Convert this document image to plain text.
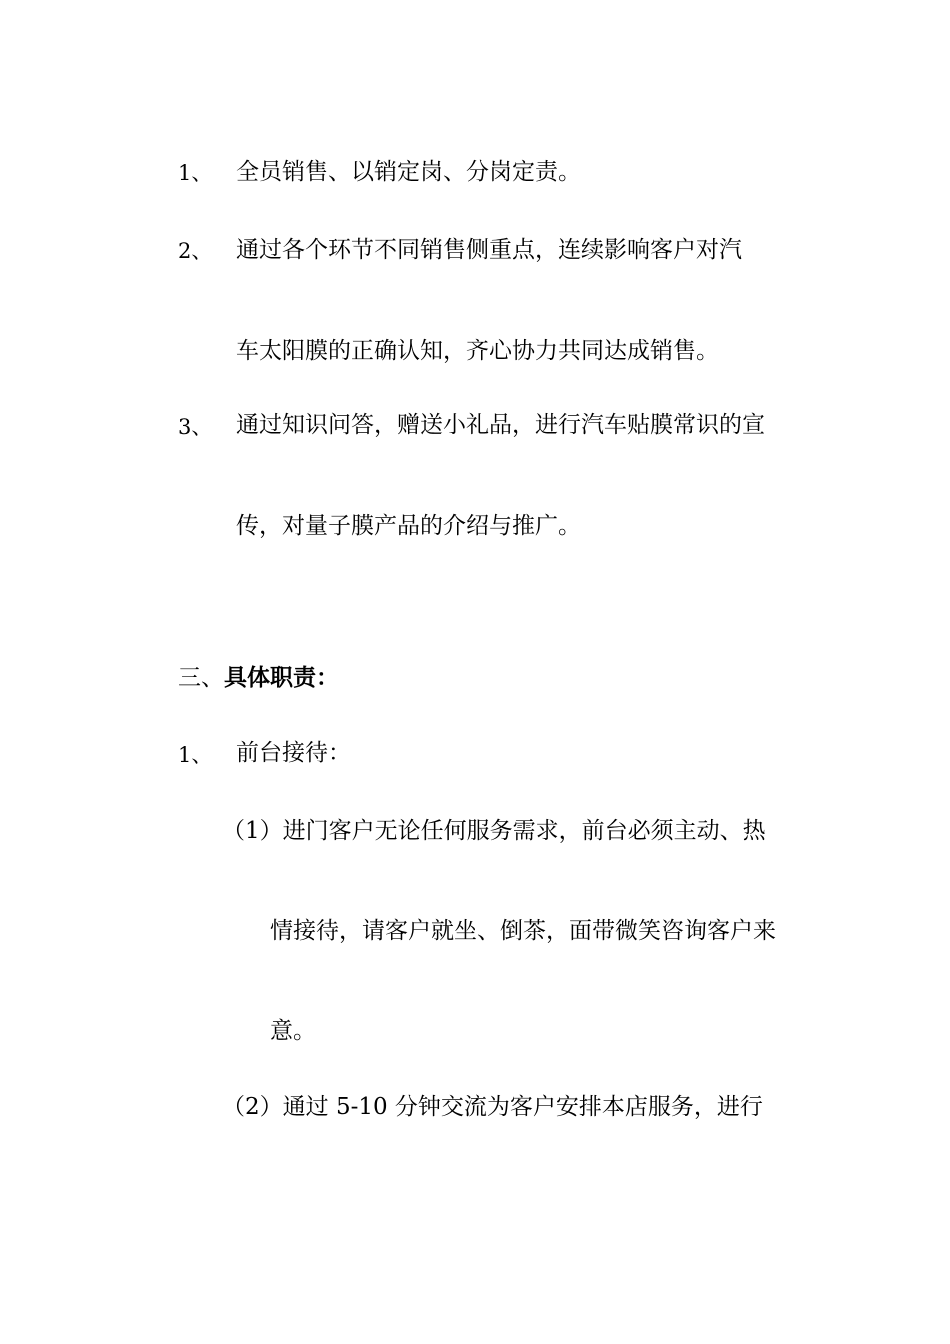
1、 全员销售、以销定岗、分岗定责。
2、 通过各个环节不同销售侧重点，连续影响客户对汽
车太阳膜的正确认知，齐心协力共同达成销售。
3、 通过知识问答，赠送小礼品，进行汽车贴膜常识的宣
传，对量子膜产品的介绍与推广。
三、具体职责：
1、 前台接待：
（1）进门客户无论任何服务需求，前台必须主动、热
情接待，请客户就坐、倒茶，面带微笑咨询客户来
意。
（2）通过 5-10 分钟交流为客户安排本店服务，进行
